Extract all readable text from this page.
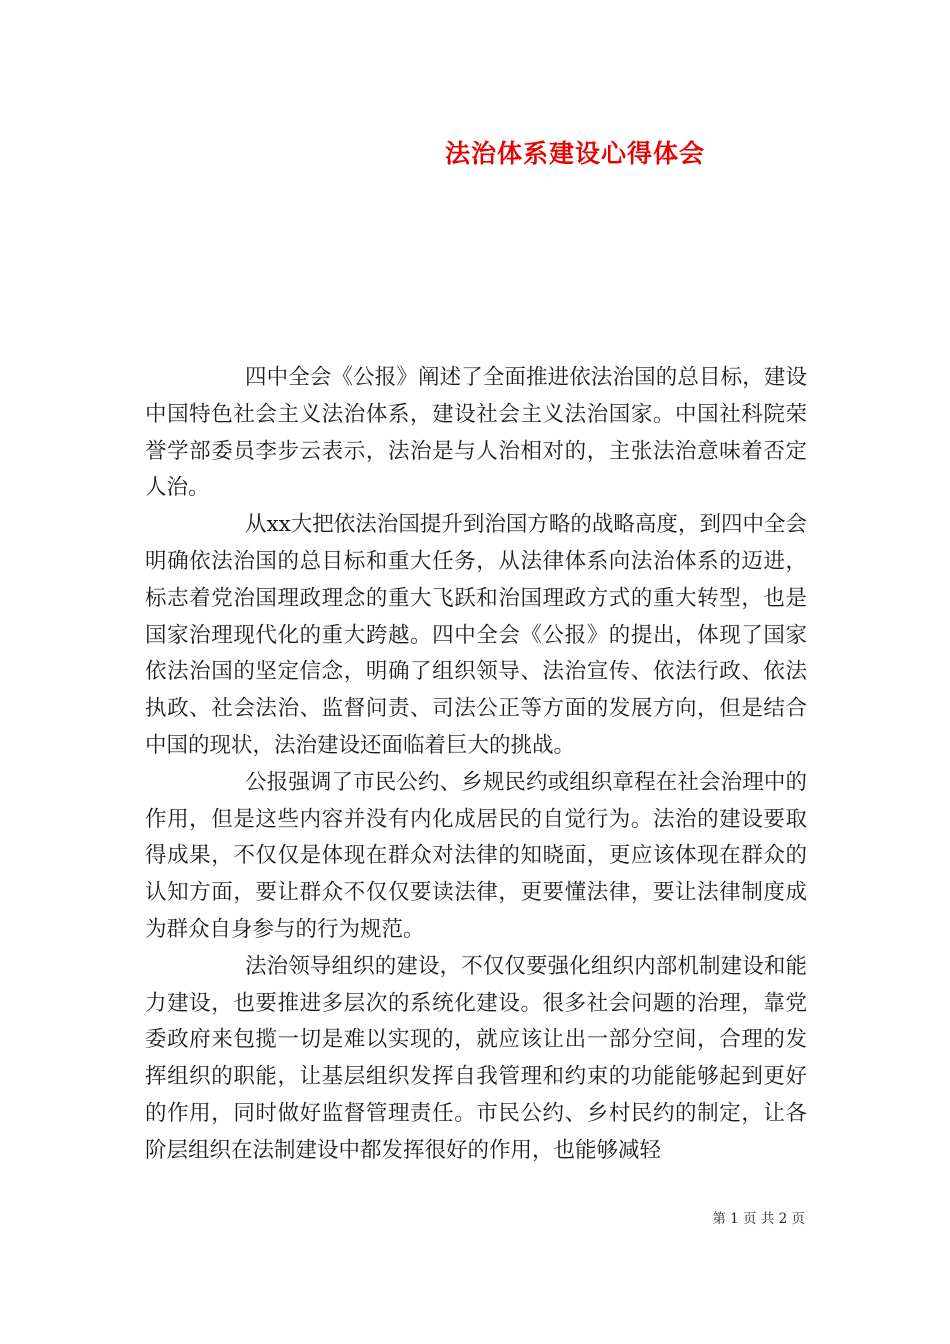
法治体系建设心得体会

四中全会《公报》阐述了全面推进依法治国的总目标，建设中国特色社会主义法治体系，建设社会主义法治国家。中国社科院荣誉学部委员李步云表示，法治是与人治相对的，主张法治意味着否定人治。

从xx大把依法治国提升到治国方略的战略高度，到四中全会明确依法治国的总目标和重大任务，从法律体系向法治体系的迈进，标志着党治国理政理念的重大飞跃和治国理政方式的重大转型，也是国家治理现代化的重大跨越。四中全会《公报》的提出，体现了国家依法治国的坚定信念，明确了组织领导、法治宣传、依法行政、依法执政、社会法治、监督问责、司法公正等方面的发展方向，但是结合中国的现状，法治建设还面临着巨大的挑战。

公报强调了市民公约、乡规民约或组织章程在社会治理中的作用，但是这些内容并没有内化成居民的自觉行为。法治的建设要取得成果，不仅仅是体现在群众对法律的知晓面，更应该体现在群众的认知方面，要让群众不仅仅要读法律，更要懂法律，要让法律制度成为群众自身参与的行为规范。

法治领导组织的建设，不仅仅要强化组织内部机制建设和能力建设，也要推进多层次的系统化建设。很多社会问题的治理，靠党委政府来包揽一切是难以实现的，就应该让出一部分空间，合理的发挥组织的职能，让基层组织发挥自我管理和约束的功能能够起到更好的作用，同时做好监督管理责任。市民公约、乡村民约的制定，让各阶层组织在法制建设中都发挥很好的作用，也能够减轻

第 1 页 共 2 页
